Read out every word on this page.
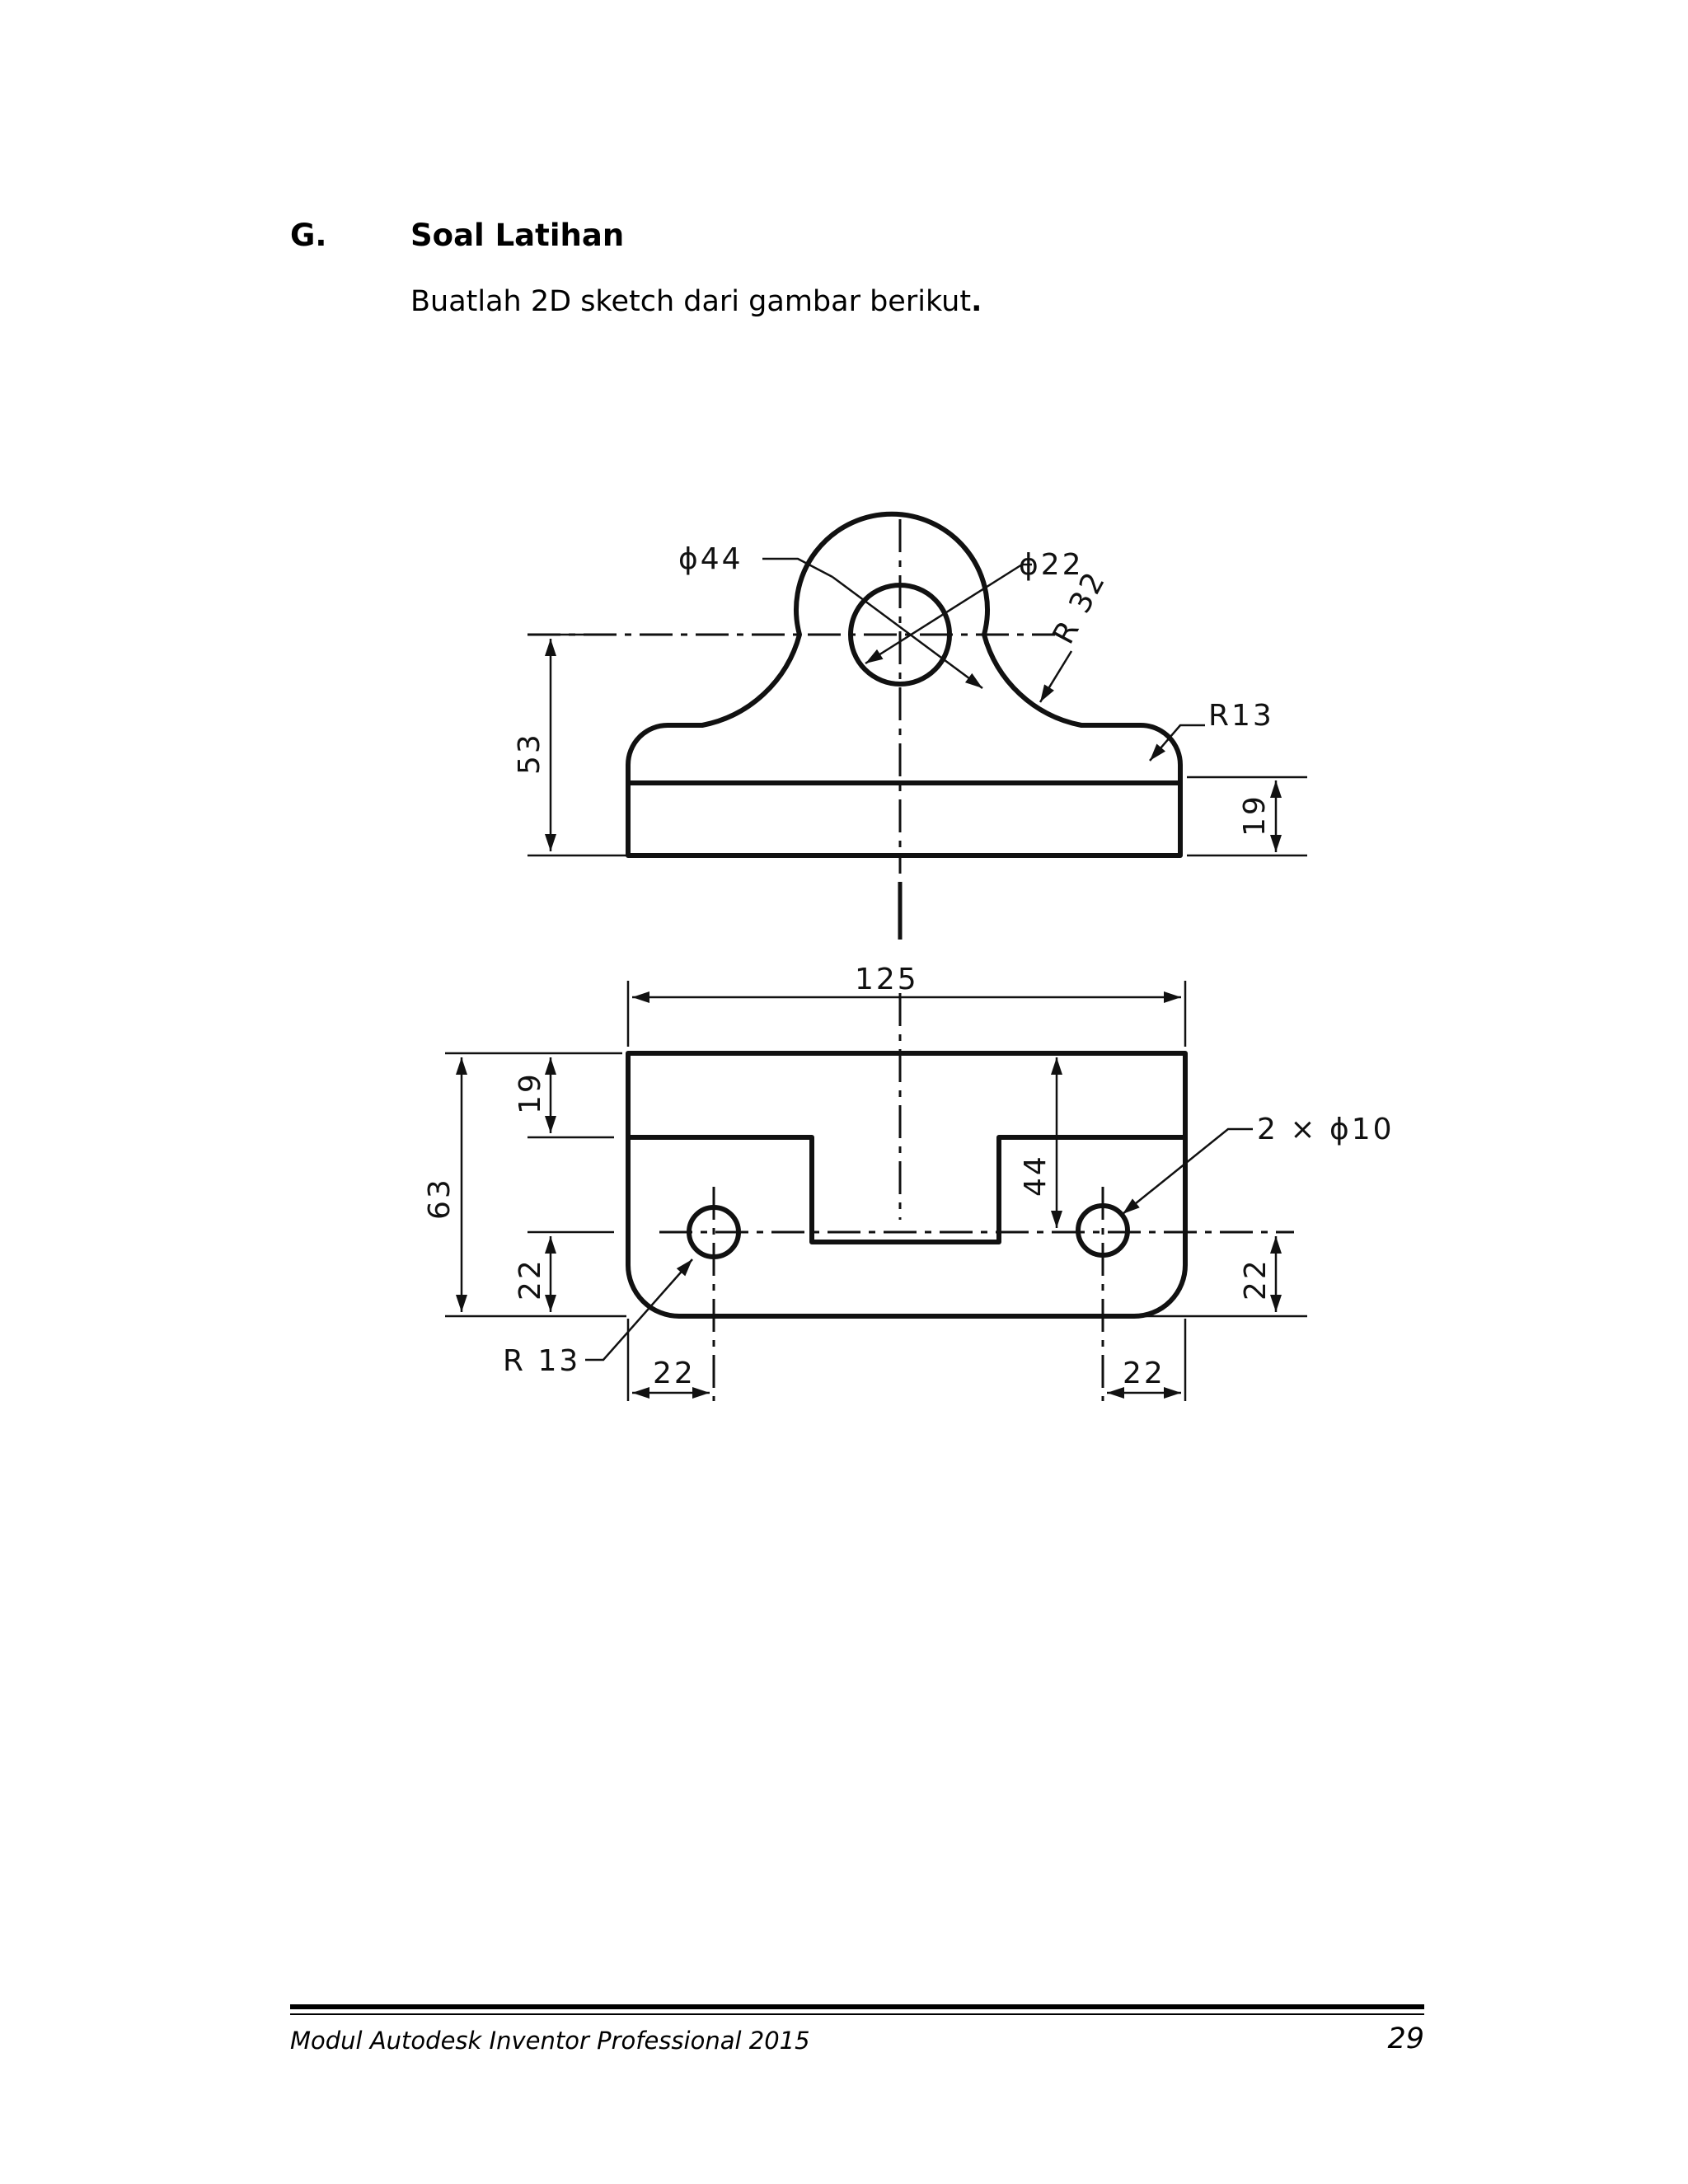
G.	Soal Latihan
Buatlah 2D sketch dari gambar berikut.
ϕ44	ϕ22
R 32
R13
53
19
125
63
19
22
44
22
2 × ϕ10
R 13 22	22
Modul Autodesk Inventor Professional 2015	29
